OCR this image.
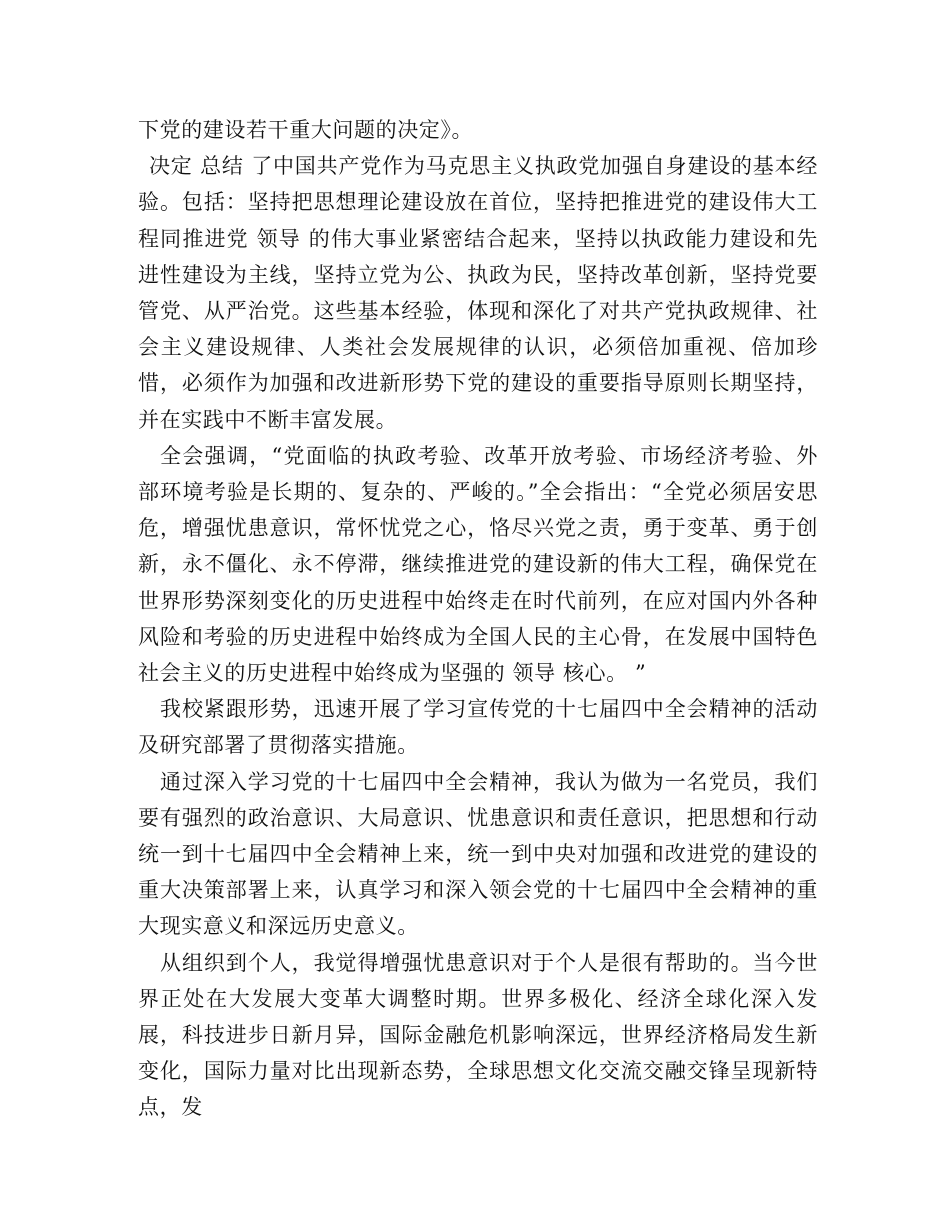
下党的建设若干重大问题的决定》。

决定 总结 了中国共产党作为马克思主义执政党加强自身建设的基本经验。包括：坚持把思想理论建设放在首位，坚持把推进党的建设伟大工程同推进党 领导 的伟大事业紧密结合起来，坚持以执政能力建设和先进性建设为主线，坚持立党为公、执政为民，坚持改革创新，坚持党要管党、从严治党。这些基本经验，体现和深化了对共产党执政规律、社会主义建设规律、人类社会发展规律的认识，必须倍加重视、倍加珍惜，必须作为加强和改进新形势下党的建设的重要指导原则长期坚持，并在实践中不断丰富发展。

全会强调，“党面临的执政考验、改革开放考验、市场经济考验、外部环境考验是长期的、复杂的、严峻的。”全会指出：“全党必须居安思危，增强忧患意识，常怀忧党之心，恪尽兴党之责，勇于变革、勇于创新，永不僵化、永不停滞，继续推进党的建设新的伟大工程，确保党在世界形势深刻变化的历史进程中始终走在时代前列，在应对国内外各种风险和考验的历史进程中始终成为全国人民的主心骨，在发展中国特色社会主义的历史进程中始终成为坚强的 领导 核心。 ”

我校紧跟形势，迅速开展了学习宣传党的十七届四中全会精神的活动及研究部署了贯彻落实措施。

通过深入学习党的十七届四中全会精神，我认为做为一名党员，我们要有强烈的政治意识、大局意识、忧患意识和责任意识，把思想和行动统一到十七届四中全会精神上来，统一到中央对加强和改进党的建设的重大决策部署上来，认真学习和深入领会党的十七届四中全会精神的重大现实意义和深远历史意义。

从组织到个人，我觉得增强忧患意识对于个人是很有帮助的。当今世界正处在大发展大变革大调整时期。世界多极化、经济全球化深入发展，科技进步日新月异，国际金融危机影响深远，世界经济格局发生新变化，国际力量对比出现新态势，全球思想文化交流交融交锋呈现新特点，发
